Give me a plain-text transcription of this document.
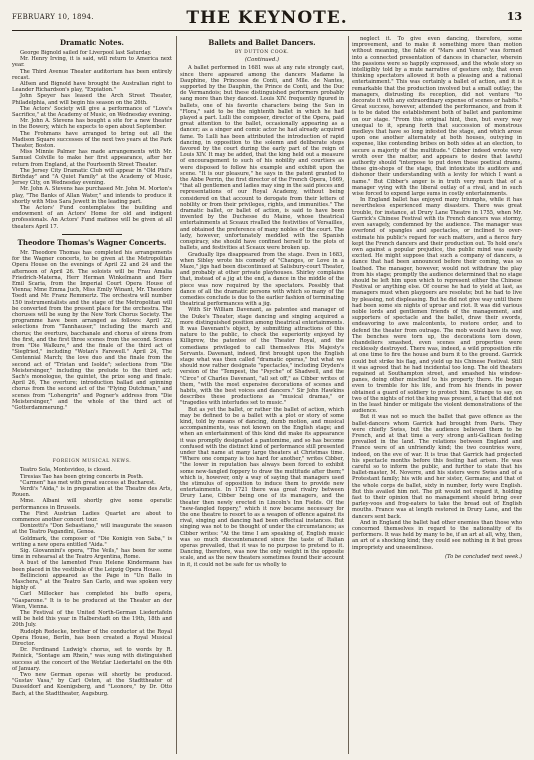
FEBRUARY 10, 1894.	THE KEYNOTE.	13
Dramatic Notes.

George Bignold sailed for Liverpool last Saturday.

Mr. Henry Irving, it is said, will return to America next year.

The Third Avenue Theater auditorium has been entirely recast.

Alfsen and Bignold have brought the Australian right to Leander Richardson's play, "Expiation."

John Speyer has leased the Arch Street Theater, Philadelphia, and will begin his season on the 26th.

The Actors' Society will give a performance of "Love's Sacrifice," at the Academy of Music, on Wednesday evening.

Mr. John A. Stevens has bought a site for a new theater in the Bowery, which he expects to open about September.

The Frohmans have arranged to bring out all the Madison Square successes of the next two years at the Park Theater, Boston.

Miss Minnie Palmer has made arrangements with Mr. Samuel Colville to make her first appearance, after her return from England, at the Fourteenth Street Theater.

The Jersey City Dramatic Club will appear in "Old Phil's Birthday" and "A Quiet Family" at the Academy of Music, Jersey City, on Wednesday evening.

Mr. John A. Stevens has purchased Mr. John M. Morton's play, "The Banks of Allan Water," and intends to produce it shortly with Miss Sara Jewett in the leading part.

The Actors' Fund contemplates the building and endowment of an Actors' Home for old and indigent professionals. An Actors' Fund matinee will be given at all theaters April 17.

Theodore Thomas's Wagner Concerts.

Mr. Theodore Thomas has completed his arrangements for the Wagner concerts, to be given at the Metropolitan Opera House on the evenings of April 22 and 24 and the afternoon of April 26. The soloists will be Frau Amalia Friedrich-Materna, Herr Herman Winkelmann and Herr Emil Scaria, from the Imperial Court Opera House of Vienna; Mme Emma Juch, Miss Emily Winant, Mr. Theodore Toedt and Mr. Franz Remmertz. The orchestra will number 150 instrumentalists and the stage of the Metropolitan will be converted from the present place for the orchestra. The choruses will be sung by the New York Chorus Society. The programme have been arranged as follows: April 22, selections from "Tannhauser," including the march and chorus; the overture, bacchanale and chorus of sirens from the first, and the first three scenes from the second. Scenes from "Die Walkure," and the finale of the third act of "Siegfried," including "Wotan's Farewell." April 24, The Centennial March; the love duo and the finale from the second act of "Tristan und Isolde"; selections from "Die Meistersinger," including the prelude to the third act; Sach's monologue, the quintet, the prize song and finale. April 26, The overture; introduction ballad and spinning chorus from the second act of the "Flying Dutchman," and scenes from "Lohengrin" and Pogner's address from "Die Meistersinger," and the whole of the third act of "Gotterdammerung."

FOREIGN MUSICAL NEWS.

Teatro Sola, Montevideo, is closed.

Tiresias Tao has been giving concerts in Posth.

"Carmen" has met with great success at Bucharest.

Verdi's "Aida," is in preparation at the Theatre des Arts, Rouen.

Mme. Albani will shortly give some operatic performances in Brussels.

The First Austrian Ladies Quartet are about to commence another concert tour.

Donizetti's "Don Sebastiano," will inaugurate the season at the Teatro Pagandini, Genoa.

Goldmark, the composer of "Die Konigin von Saba," is writing a new opera entitled "Aida."

Sig. Giovannini's opera, "The Veils," has been for some time in rehearsal at the Teatro Argentina, Rome.

A bust of the lamented Frau Helene Kindermann has been placed in the vestibule of the Leipzig Opera House.

Bellincioni appeared as the Page in "Un Ballo in Maschera," at the Teatro San Carlo, and was spoken very highly of.

Carl Millocker has completed his buffo opera, "Gasparone." It is to be produced at the Theater an der Wien, Vienna.

The Festival of the United North-German Liedertafeln will be held this year in Halberstadt on the 19th, 18th and 20th July.

Rudolph Redecke, brother of the conductor at the Royal Opera House, Berlin, has been created a Royal Musical Director.

Dr. Ferdinand Ludwig's chorus, set to words by R. Reinick, "Sontage am Rhein," was sung with distinguished success at the concert of the Wetzlar Liedertafel on the 6th of January.

Two new German operas will shortly be produced. "Gustav Vasa," by Carl Osten, at the Stadttheater of Dusseldorf and Koenigsberg, and "Leonore," by Dr. Otto Bach, at the Stadttheater, Augsburg.

Ballets and Ballet Dancers.
BY DUTTON COOK.
(Continued.)

A ballet performed in 1681 was at any rate strongly cast, since there appeared among the dancers Madame la Dauphine, the Princesse de Conti, and Mlle. de Nantes, supported by the Dauphin, the Prince de Conti, and the Duc de Vermandois; but these distinguished performers probably sang more than they danced. Louis XIV. frequently figured in ballets, one of his favorite characters being the Sun in "Flora," said to be the nightenth ballet in which he had played a part. Lulli the composer, director of the Opera, paid great attention to the ballet, occasionally appearing as a dancer; as a singer and comic actor he had already acquired fame. To Lulli has been attributed the introduction of rapid dancing, in opposition to the solemn and deliberate steps favored by the court during the early part of the reign of Louis XIV. It may be added, that the king held out a measure of encouragement to such of his nobility and courtiers as were disposed to follow his example and exhibit upon the scene. "It is our pleasure," he says in the patent granted to the Abbe Perrin, the first director of the French Opera, 1669, "that all gentlemen and ladies may sing in the said pieces and representations of our Royal Academy, without being considered on that account to derogate from their letters of nobility or from their privileges, rights, and immunities." The dramatic ballet, or ballet of action, is said to have been invented by the Duchesse du Maine, whose theatrical entertainments at Sceaux rivalled the festivities of Versailles, and obtained the preference of many nobles of the court. The lady, however, unfortunately meddled with the Spanish conspiracy, she should have confined herself to the plots of ballets, and festivities at Sceaux were broken up.

Gradually lips disappeared from the stage. Even in 1683, when Sibley wrote his comedy of "Changes, or Love in a Maze," jigs had been discontinued at Salisbury-court Theater, and probably at other private playhouses. Shirley complains that, instead of a jig at the end, a dance in the middle of the piece was now required by the spectators. Possibly that dance of all the dramatic persons with which so many of the comedies conclude is due to the earlier fashion of terminating theatrical performances with a jig.

With Sir William Davenant, as patentee and manager of the Duke's Theater, stage dancing and singing acquired a more distinguished position among theatrical entertainments. It was Davenant's object, by submitting attractions of this nature to the public, to check the superiority enjoyed by Killigrew, the patentee of the Theater Royal, and the comedians privileged to call themselves His Majesty's Servants. Davenant, indeed, first brought upon the English stage what was then called "dramatic operas," but what we should now rather designate "spectacles," including Dryden's version of the "Tempest, the "Psyche" of Shadwell, and the "Circe" of Charles Davenant, "all set off," as Cibber writes of them, "with the most expensive decorations of scenes and habits, with the best voices and dancers." Sir John Hawkins describes these productions as "musical dramas," or "tragedies with interludes set to music."

But as yet the ballet, or rather the ballet of action, which may be defined to be a ballet with a plot or story of some kind, told by means of dancing, dumb motion, and musical accompaniments, was not known on the English stage; and when an entertainment of this kind did make its appearance it was promptly designated a pantomime, and so has become confused with the distinct kind of performance still presented under that name at many large theaters at Christmas time. "Where one company is too hard for another," writes Cibber, "the lower in reputation has always been forced to exhibit some new-fangled foppery to draw the multitude after them;" which is, however, only a way of saying that managers used the stimulus of opposition to induce them to provide new entertainments. In 1721 there was great rivalry between Drury Lane, Cibber being one of its managers, and the theater then newly erected in Lincoln's Inn Fields. Of the "new-fangled foppery," which it now became necessary for the one theatre to resort to as a weapon of offence against its rival, singing and dancing had been effectual instances. But singing was not to be thought of under the circumstances; as Cibber writes: "At the time I am speaking of, English music was so much discountenanced since the taste of Italian operas prevailed, that it was to no purpose to pretend to it. Dancing, therefore, was now the only weight in the opposite scale, and as the new theaters sometimes found their account in it, it could not be safe for us wholly to

neglect it. To give even dancing, therefore, some improvement, and to make it something more than motion without meaning, the fable of "Mars and Venus" was formed into a connected presentation of dances in character, wherein the passions were so happily expressed, and the whole story so intelligibly told by a mute narrative of gesture only, that even thinking spectators allowed it both a pleasing and a rational entertainment." This was certainly a ballet of action, and it is remarkable that the production involved but a small outlay; the managers, distrusting its reception, did not venture "to decorate it with any extraordinary expense of scenes or habits." Great success, however, attended the performance, and from it is to be dated the establishment both of ballet and pantomime on our stage. "From this original hint, then, but every way unequal to it, sprang forth that succession of monstrous medleys that have so long infested the stage, and which arose upon one another alternately at both houses, outvying in expense, like contending bribes on both sides at an election, to secure a majority of the multitude." Cibber indeed wrote very wroth over the matter, and appears to desire that lawful authority should "interpose to put down these poetical drams, these gin-shops of the stage, that intoxicate its auditors and dishonor their understanding with a levity for which I want a name." But Cibber's anger is in truth very much that of a manager vying with the liberal outlay of a rival, and in such wise forced to expend large sums in costly entertainments.

In England ballet has enjoyed many triumphs, while it has nevertheless experienced many disasters. There was great trouble, for instance, at Drury Lane Theatre in 1755, when Mr. Garrick's Chinese Festival with its French dancers was stormy, even savagely, condemned by the audience. The manager was overfond of spangles and spectacles, or inclined to over-estimate his public's regard for such matters, and a fierce fury kept the French dancers and their production out. To hold one's own against a popular prejudice, the public mind was easily excited. He might suppose that such a company of dancers, a dance that had been announced before their coming, was so loathed. The manager, however, would not withdraw the play from his stage; promptly the audience determined that no stage should be left him upon which to represent either the Chinese Festival or anything else. Of course he had to yield at last, as managers must when playgoers are resolute; but he had to live by pleasing, not displeasing. But he did not give way until there had been some six nights of uproar and riot. It was did various noble lords and gentlemen friends of the management, and supporters of spectacle and the ballet, draw their swords, endeavoring to awe malcontents, to restore order, and to defend the theater from outrage. The mob would have its way. The benches were torn up, the decorations torn down, chandeliers smashed, even scenes and properties were recklessly destroyed. There was, indeed, a wild proposition rife at one time to fire the house and burn it to the ground. Garrick could but strike his flag, and yield up his Chinese Festival. Still it was agreed that he had incidental too long. The old theaters regained at Southampton street, and smashed his window-panes, doing other mischief to his property there. He began even to tremble for his life, and from his friends in power obtained a guard of soldiery to protect him. Strange to say, on two of the nights of riot the king was present, a fact that did not in the least hinder or mitigate the violent demonstrations of the audience.

But it was not so much the ballet that gave offence as the ballet-dancers whom Garrick had brought from Paris. They were chiefly Swiss, but the audience believed them to be French, and at that time a very strong anti-Gallican feeling prevailed in the land. The relations between England and France were of an unfriendly kind; the two countries were, indeed, on the eve of war. It is true that Garrick had projected his spectacle months before this feeling had arisen. He was careful so to inform the public, and further to state that his ballet-master, M. Noverre, and his sisters were Swiss and of a Protestant family; his wife and her sister, Germans; and that of the whole corps de ballet, sixty in number, forty were English. But this availed him not. The pit would not regard it, holding fast to their opinion that no management should bring over parley-voos and frog-eaters to take the bread out of English mouths. France was at length restored in Drury Lane, and the dancers sent back.

And in England the ballet had other enemies than those who concerned themselves in regard to the nationality of its performers. It was held by many to be, if an art at all, why, then, an art of a shocking kind; they could see nothing in it but gross impropriety and unseemliness.

(To be concluded next week.)
